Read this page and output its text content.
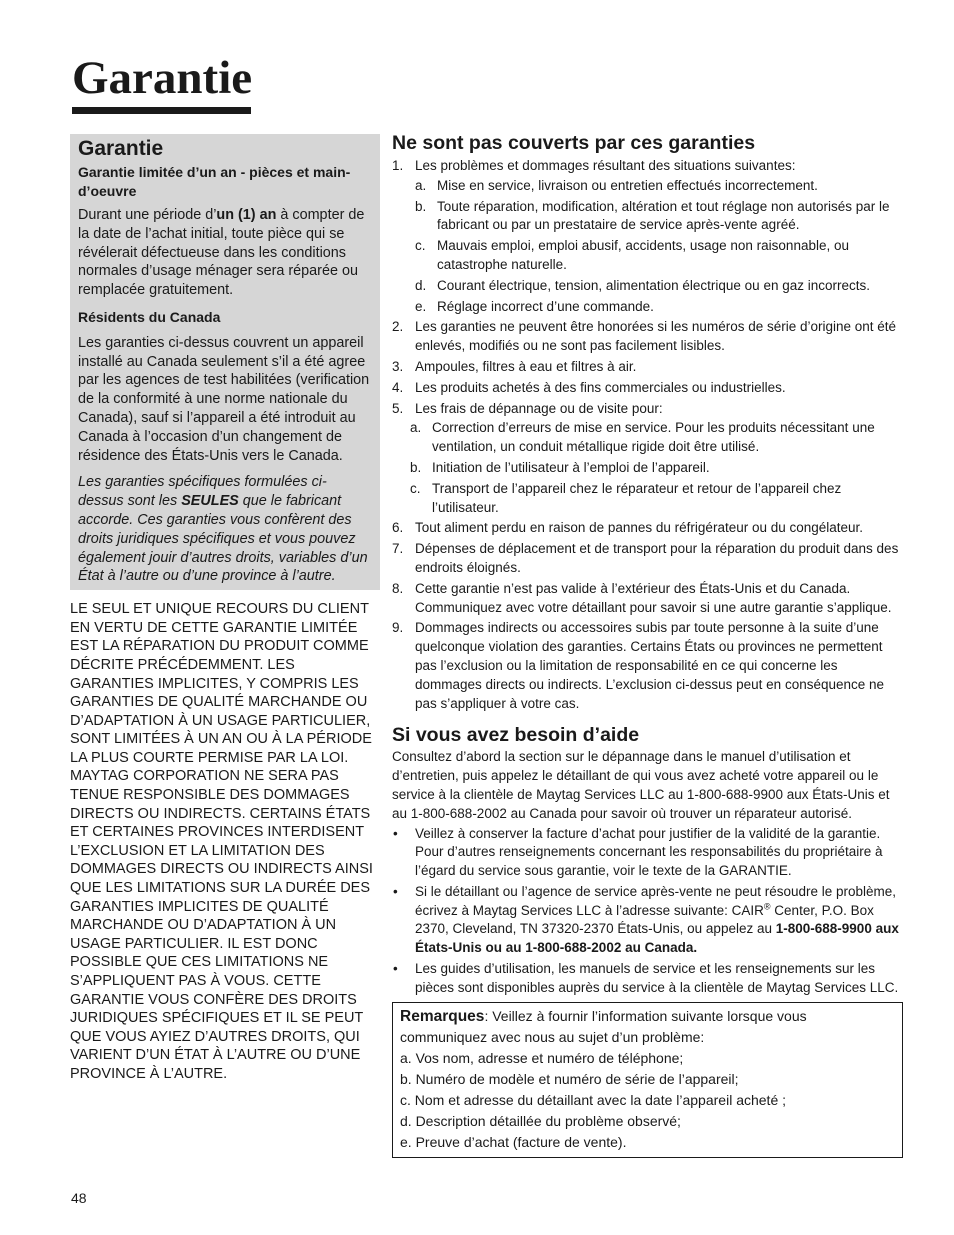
Garantie
Garantie
Garantie limitée d’un an - pièces et main-d’oeuvre

Durant une période d’un (1) an à compter de la date de l’achat initial, toute pièce qui se révélerait défectueuse dans les conditions normales d’usage ménager sera réparée ou remplacée gratuitement.

Résidents du Canada

Les garanties ci-dessus couvrent un appareil installé au Canada seulement s’il a été agree par les agences de test habilitées (verification de la conformité à une norme nationale du Canada), sauf si l’appareil a été introduit au Canada à l’occasion d’un changement de résidence des États-Unis vers le Canada.

Les garanties spécifiques formulées ci-dessus sont les SEULES que le fabricant accorde. Ces garanties vous confèrent des droits juridiques spécifiques et vous pouvez également jouir d’autres droits, variables d’un État à l’autre ou d’une province à l’autre.

LE SEUL ET UNIQUE RECOURS DU CLIENT EN VERTU DE CETTE GARANTIE LIMITÉE EST LA RÉPARATION DU PRODUIT COMME DÉCRITE PRÉCÉDEMMENT. LES GARANTIES IMPLICITES, Y COMPRIS LES GARANTIES DE QUALITÉ MARCHANDE OU D’ADAPTATION À UN USAGE PARTICULIER, SONT LIMITÉES À UN AN OU À LA PÉRIODE LA PLUS COURTE PERMISE PAR LA LOI. MAYTAG CORPORATION NE SERA PAS TENUE RESPONSIBLE DES DOMMAGES DIRECTS OU INDIRECTS. CERTAINS ÉTATS ET CERTAINES PROVINCES INTERDISENT L’EXCLUSION ET LA LIMITATION DES DOMMAGES DIRECTS OU INDIRECTS AINSI QUE LES LIMITATIONS SUR LA DURÉE DES GARANTIES IMPLICITES DE QUALITÉ MARCHANDE OU D’ADAPTATION À UN USAGE PARTICULIER. IL EST DONC POSSIBLE QUE CES LIMITATIONS NE S’APPLIQUENT PAS À VOUS. CETTE GARANTIE VOUS CONFÈRE DES DROITS JURIDIQUES SPÉCIFIQUES ET IL SE PEUT QUE VOUS AYIEZ D’AUTRES DROITS, QUI VARIENT D’UN ÉTAT À L’AUTRE OU D’UNE PROVINCE À L’AUTRE.

Ne sont pas couverts par ces garanties
1. Les problèmes et dommages résultant des situations suivantes:
a. Mise en service, livraison ou entretien effectués incorrectement.
b. Toute réparation, modification, altération et tout réglage non autorisés par le fabricant ou par un prestataire de service après-vente agréé.
c. Mauvais emploi, emploi abusif, accidents, usage non raisonnable, ou catastrophe naturelle.
d. Courant électrique, tension, alimentation électrique ou en gaz incorrects.
e. Réglage incorrect d’une commande.
2. Les garanties ne peuvent être honorées si les numéros de série d’origine ont été enlevés, modifiés ou ne sont pas facilement lisibles.
3. Ampoules, filtres à eau et filtres à air.
4. Les produits achetés à des fins commerciales ou industrielles.
5. Les frais de dépannage ou de visite pour:
a. Correction d’erreurs de mise en service. Pour les produits nécessitant une ventilation, un conduit métallique rigide doit être utilisé.
b. Initiation de l’utilisateur à l’emploi de l’appareil.
c. Transport de l’appareil chez le réparateur et retour de l’appareil chez l’utilisateur.
6. Tout aliment perdu en raison de pannes du réfrigérateur ou du congélateur.
7. Dépenses de déplacement et de transport pour la réparation du produit dans des endroits éloignés.
8. Cette garantie n’est pas valide à l’extérieur des États-Unis et du Canada. Communiquez avec votre détaillant pour savoir si une autre garantie s’applique.
9. Dommages indirects ou accessoires subis par toute personne à la suite d’une quelconque violation des garanties. Certains États ou provinces ne permettent pas l’exclusion ou la limitation de responsabilité en ce qui concerne les dommages directs ou indirects. L’exclusion ci-dessus peut en conséquence ne pas s’appliquer à votre cas.
Si vous avez besoin d’aide

Consultez d’abord la section sur le dépannage dans le manuel d’utilisation et d’entretien, puis appelez le détaillant de qui vous avez acheté votre appareil ou le service à la clientèle de Maytag Services LLC au 1-800-688-9900 aux États-Unis et au 1-800-688-2002 au Canada pour savoir où trouver un réparateur autorisé.

• Veillez à conserver la facture d’achat pour justifier de la validité de la garantie. Pour d’autres renseignements concernant les responsabilités du propriétaire à l’égard du service sous garantie, voir le texte de la GARANTIE.
• Si le détaillant ou l’agence de service après-vente ne peut résoudre le problème, écrivez à Maytag Services LLC à l’adresse suivante: CAIR® Center, P.O. Box 2370, Cleveland, TN 37320-2370 États-Unis, ou appelez au 1-800-688-9900 aux États-Unis ou au 1-800-688-2002 au Canada.
• Les guides d’utilisation, les manuels de service et les renseignements sur les pièces sont disponibles auprès du service à la clientèle de Maytag Services LLC.
Remarques: Veillez à fournir l’information suivante lorsque vous communiquez avec nous au sujet d’un problème:
a. Vos nom, adresse et numéro de téléphone;
b. Numéro de modèle et numéro de série de l’appareil;
c. Nom et adresse du détaillant avec la date l’appareil acheté ;
d. Description détaillée du problème observé;
e. Preuve d’achat (facture de vente).
48
